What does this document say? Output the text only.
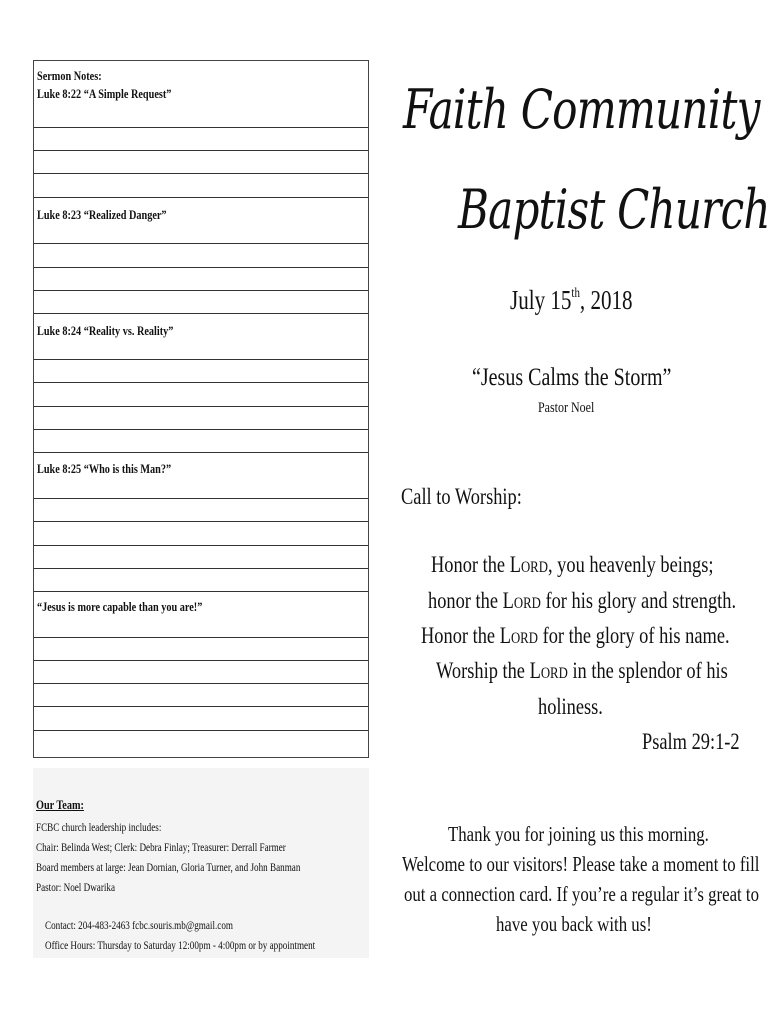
Sermon Notes:
Luke 8:22 “A Simple Request”
Luke 8:23 “Realized Danger”
Luke 8:24 “Reality vs. Reality”
Luke 8:25 “Who is this Man?”
“Jesus is more capable than you are!”
Our Team:
FCBC church leadership includes:
Chair: Belinda West; Clerk: Debra Finlay; Treasurer: Derrall Farmer
Board members at large: Jean Dornian, Gloria Turner, and John Banman
Pastor: Noel Dwarika
Contact: 204-483-2463 fcbc.souris.mb@gmail.com
Office Hours: Thursday to Saturday 12:00pm - 4:00pm or by appointment
Faith Community
Baptist Church
July 15th, 2018
“Jesus Calms the Storm”
Pastor Noel
Call to Worship:
Honor the Lord, you heavenly beings;
honor the Lord for his glory and strength.
Honor the Lord for the glory of his name.
Worship the Lord in the splendor of his
holiness.
Psalm 29:1-2
Thank you for joining us this morning.
Welcome to our visitors! Please take a moment to fill
out a connection card. If you’re a regular it’s great to
have you back with us!
